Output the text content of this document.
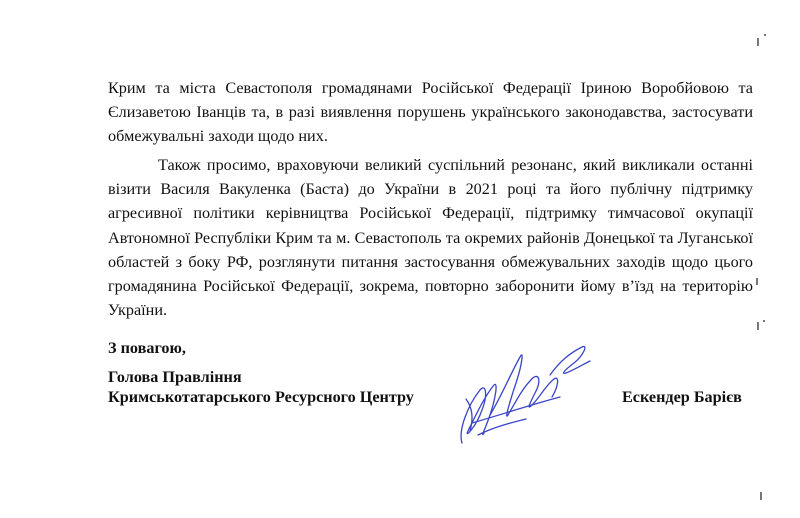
Крим та міста Севастополя громадянами Російської Федерації Іриною Воробйовою та Єлизаветою Іванців та, в разі виявлення порушень українського законодавства, застосувати обмежувальні заходи щодо них.

Також просимо, враховуючи великий суспільний резонанс, який викликали останні візити Василя Вакуленка (Баста) до України в 2021 році та його публічну підтримку агресивної політики керівництва Російської Федерації, підтримку тимчасової окупації Автономної Республіки Крим та м. Севастополь та окремих районів Донецької та Луганської областей з боку РФ, розглянути питання застосування обмежувальних заходів щодо цього громадянина Російської Федерації, зокрема, повторно заборонити йому в’їзд на територію України.

З повагою,

Голова Правління

Кримськотатарського Ресурсного Центру	Ескендер Барієв
